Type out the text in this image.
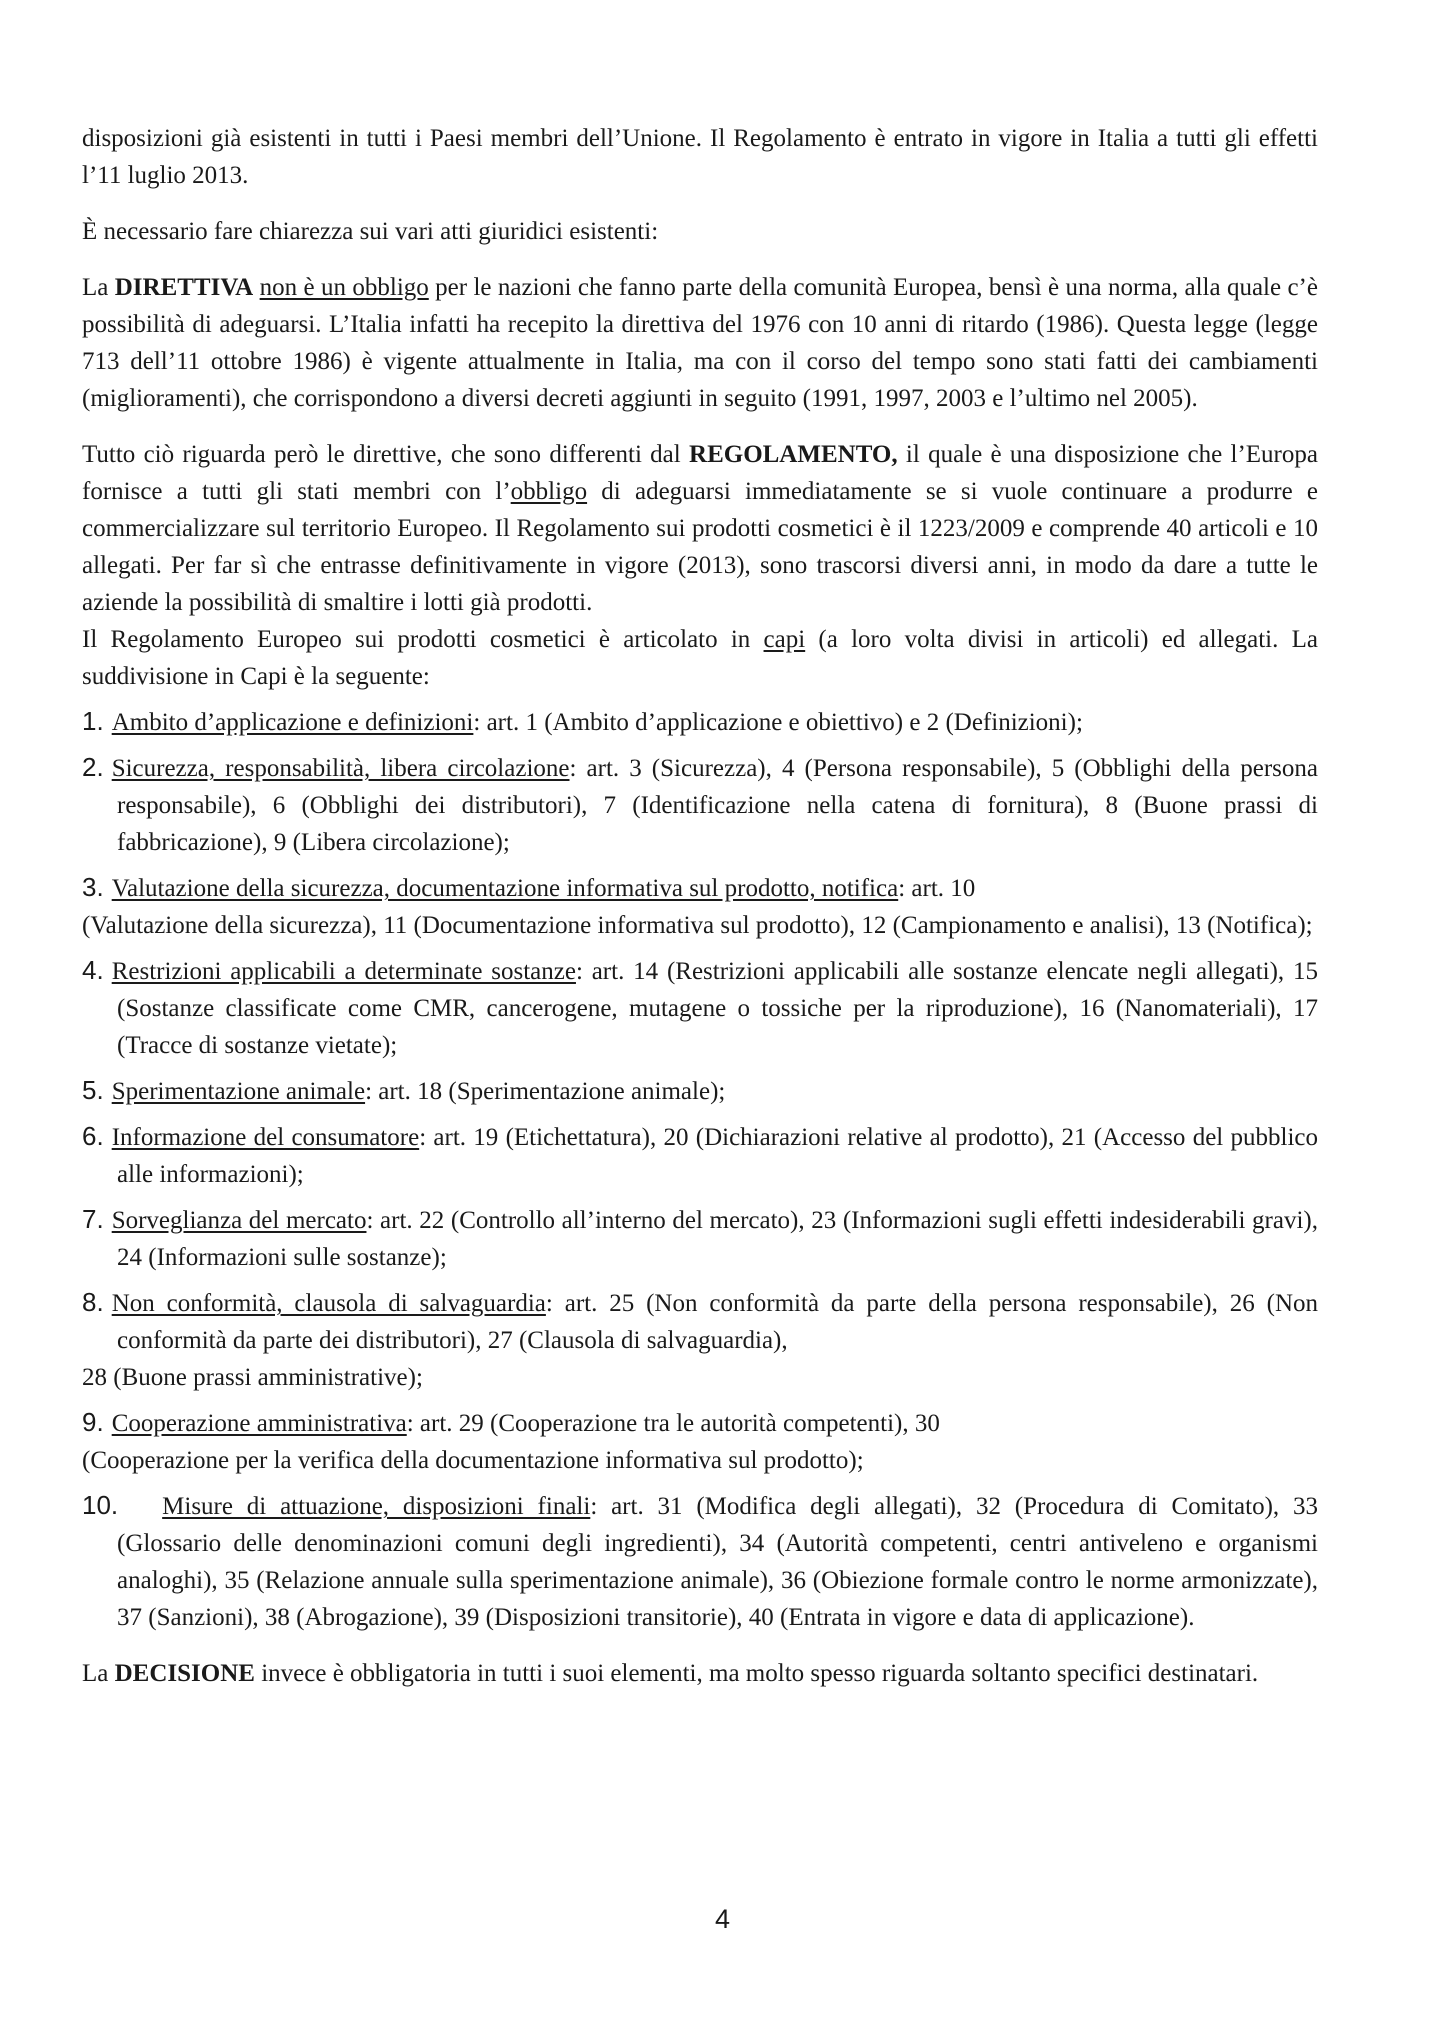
disposizioni già esistenti in tutti i Paesi membri dell’Unione. Il Regolamento è entrato in vigore in Italia a tutti gli effetti l’11 luglio 2013.

È necessario fare chiarezza sui vari atti giuridici esistenti:

La DIRETTIVA non è un obbligo per le nazioni che fanno parte della comunità Europea, bensì è una norma, alla quale c’è possibilità di adeguarsi. L’Italia infatti ha recepito la direttiva del 1976 con 10 anni di ritardo (1986). Questa legge (legge 713 dell’11 ottobre 1986) è vigente attualmente in Italia, ma con il corso del tempo sono stati fatti dei cambiamenti (miglioramenti), che corrispondono a diversi decreti aggiunti in seguito (1991, 1997, 2003 e l’ultimo nel 2005).

Tutto ciò riguarda però le direttive, che sono differenti dal REGOLAMENTO, il quale è una disposizione che l’Europa fornisce a tutti gli stati membri con l’obbligo di adeguarsi immediatamente se si vuole continuare a produrre e commercializzare sul territorio Europeo. Il Regolamento sui prodotti cosmetici è il 1223/2009 e comprende 40 articoli e 10 allegati. Per far sì che entrasse definitivamente in vigore (2013), sono trascorsi diversi anni, in modo da dare a tutte le aziende la possibilità di smaltire i lotti già prodotti.

Il Regolamento Europeo sui prodotti cosmetici è articolato in capi (a loro volta divisi in articoli) ed allegati. La suddivisione in Capi è la seguente:

1. Ambito d’applicazione e definizioni: art. 1 (Ambito d’applicazione e obiettivo) e 2 (Definizioni);
2. Sicurezza, responsabilità, libera circolazione: art. 3 (Sicurezza), 4 (Persona responsabile), 5 (Obblighi della persona responsabile), 6 (Obblighi dei distributori), 7 (Identificazione nella catena di fornitura), 8 (Buone prassi di fabbricazione), 9 (Libera circolazione);
3. Valutazione della sicurezza, documentazione informativa sul prodotto, notifica: art. 10

(Valutazione della sicurezza), 11 (Documentazione informativa sul prodotto), 12 (Campionamento e analisi), 13 (Notifica);

4. Restrizioni applicabili a determinate sostanze: art. 14 (Restrizioni applicabili alle sostanze elencate negli allegati), 15 (Sostanze classificate come CMR, cancerogene, mutagene o tossiche per la riproduzione), 16 (Nanomateriali), 17 (Tracce di sostanze vietate);
5. Sperimentazione animale: art. 18 (Sperimentazione animale);
6. Informazione del consumatore: art. 19 (Etichettatura), 20 (Dichiarazioni relative al prodotto), 21 (Accesso del pubblico alle informazioni);
7. Sorveglianza del mercato: art. 22 (Controllo all’interno del mercato), 23 (Informazioni sugli effetti indesiderabili gravi), 24 (Informazioni sulle sostanze);
8. Non conformità, clausola di salvaguardia: art. 25 (Non conformità da parte della persona responsabile), 26 (Non conformità da parte dei distributori), 27 (Clausola di salvaguardia),

28 (Buone prassi amministrative);

9. Cooperazione amministrativa: art. 29 (Cooperazione tra le autorità competenti), 30

(Cooperazione per la verifica della documentazione informativa sul prodotto);

10. Misure di attuazione, disposizioni finali: art. 31 (Modifica degli allegati), 32 (Procedura di Comitato), 33 (Glossario delle denominazioni comuni degli ingredienti), 34 (Autorità competenti, centri antiveleno e organismi analoghi), 35 (Relazione annuale sulla sperimentazione animale), 36 (Obiezione formale contro le norme armonizzate), 37 (Sanzioni), 38 (Abrogazione), 39 (Disposizioni transitorie), 40 (Entrata in vigore e data di applicazione).

La DECISIONE invece è obbligatoria in tutti i suoi elementi, ma molto spesso riguarda soltanto specifici destinatari.

4
